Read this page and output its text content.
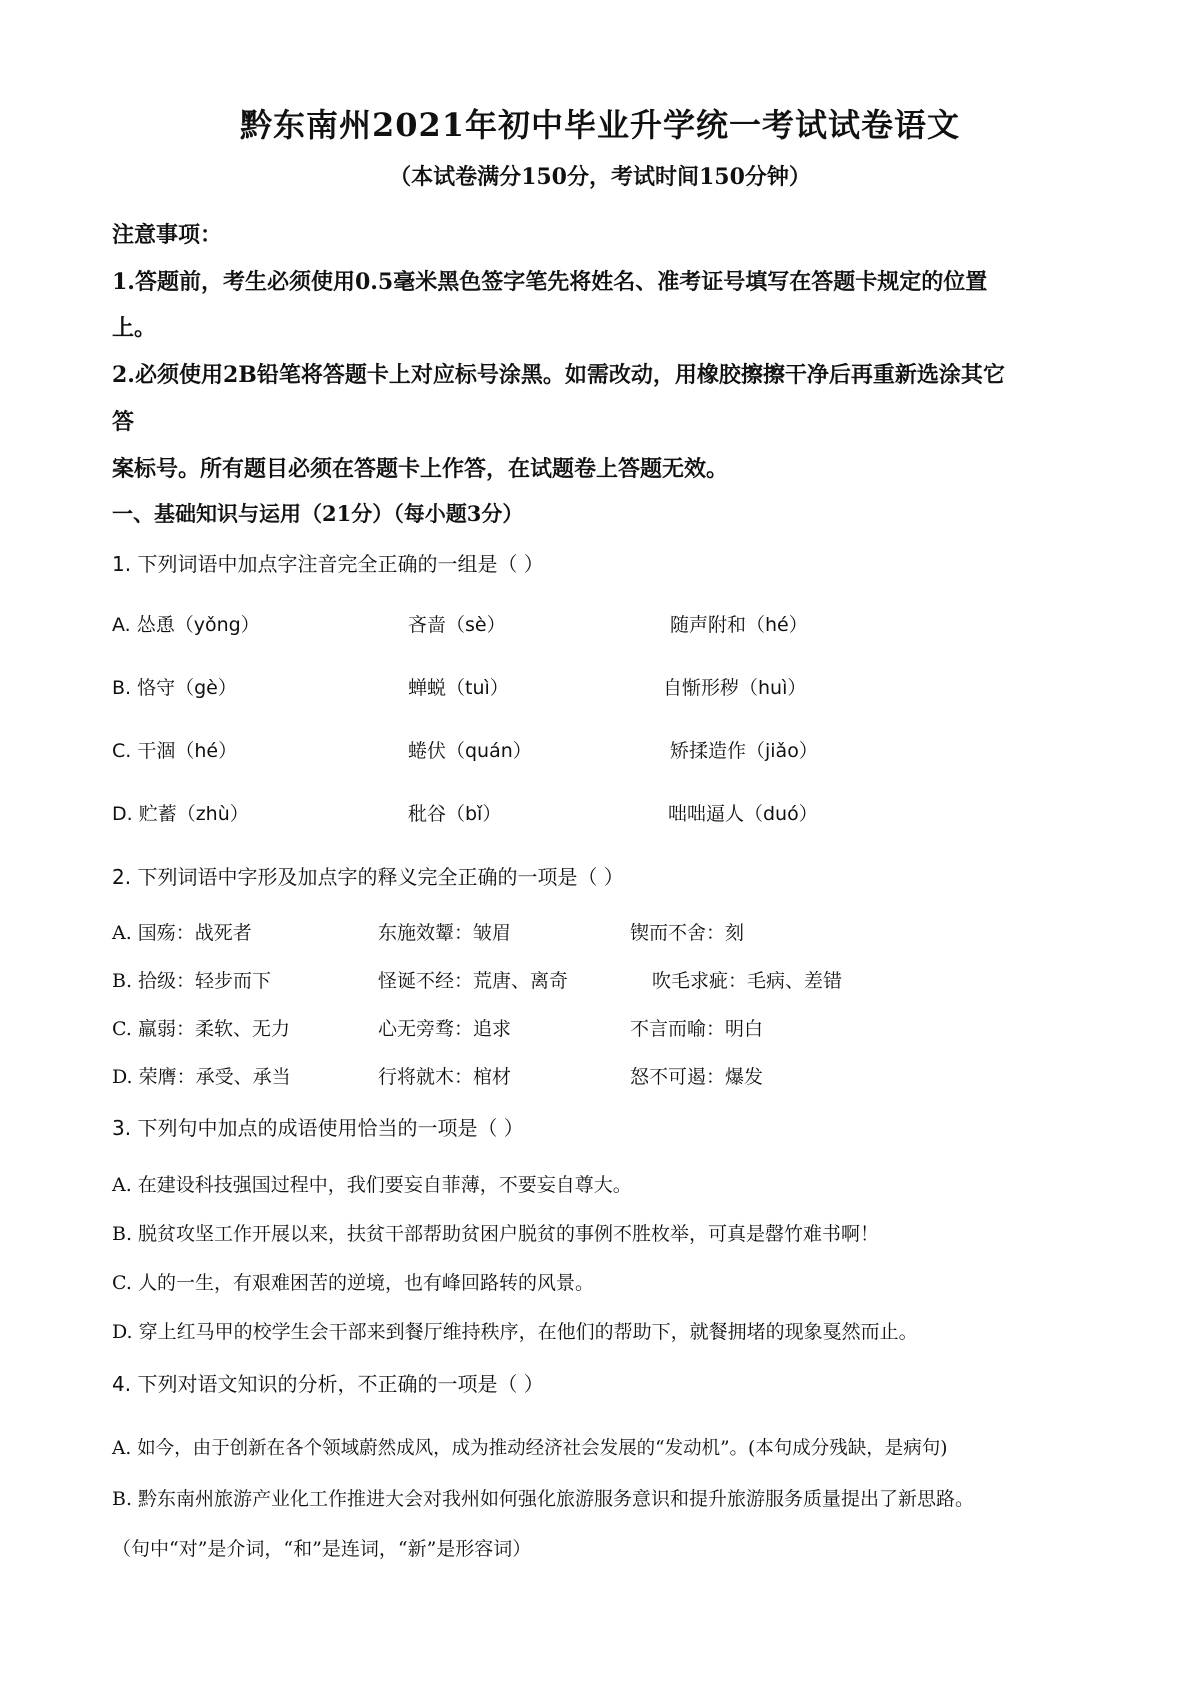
黔东南州2021年初中毕业升学统一考试试卷语文
（本试卷满分150分，考试时间150分钟）
注意事项：
1.答题前，考生必须使用0.5毫米黑色签字笔先将姓名、准考证号填写在答题卡规定的位置
上。
2.必须使用2B铅笔将答题卡上对应标号涂黑。如需改动，用橡胶擦擦干净后再重新选涂其它
答
案标号。所有题目必须在答题卡上作答，在试题卷上答题无效。
一、基础知识与运用（21分）（每小题3分）
1. 下列词语中加点字注音完全正确的一组是（ ）
A. 怂恿（yǒng）	吝啬（sè）	随声附和（hé）
B. 恪守（gè）	蝉蜕（tuì）	自惭形秽（huì）
C. 干涸（hé）	蜷伏（quán）	矫揉造作（jiǎo）
D. 贮蓄（zhù）	秕谷（bǐ）	咄咄逼人（duó）
2. 下列词语中字形及加点字的释义完全正确的一项是（ ）
A. 国殇：战死者	东施效颦：皱眉	锲而不舍：刻
B. 拾级：轻步而下	怪诞不经：荒唐、离奇	吹毛求疵：毛病、差错
C. 羸弱：柔软、无力	心无旁骛：追求	不言而喻：明白
D. 荣膺：承受、承当	行将就木：棺材	怒不可遏：爆发
3. 下列句中加点的成语使用恰当的一项是（ ）
A. 在建设科技强国过程中，我们要妄自菲薄，不要妄自尊大。
B. 脱贫攻坚工作开展以来，扶贫干部帮助贫困户脱贫的事例不胜枚举，可真是罄竹难书啊！
C. 人的一生，有艰难困苦的逆境，也有峰回路转的风景。
D. 穿上红马甲的校学生会干部来到餐厅维持秩序，在他们的帮助下，就餐拥堵的现象戛然而止。
4. 下列对语文知识的分析，不正确的一项是（ ）
A. 如今，由于创新在各个领域蔚然成风，成为推动经济社会发展的“发动机”。(本句成分残缺，是病句)
B. 黔东南州旅游产业化工作推进大会对我州如何强化旅游服务意识和提升旅游服务质量提出了新思路。
（句中“对”是介词，“和”是连词，“新”是形容词）
